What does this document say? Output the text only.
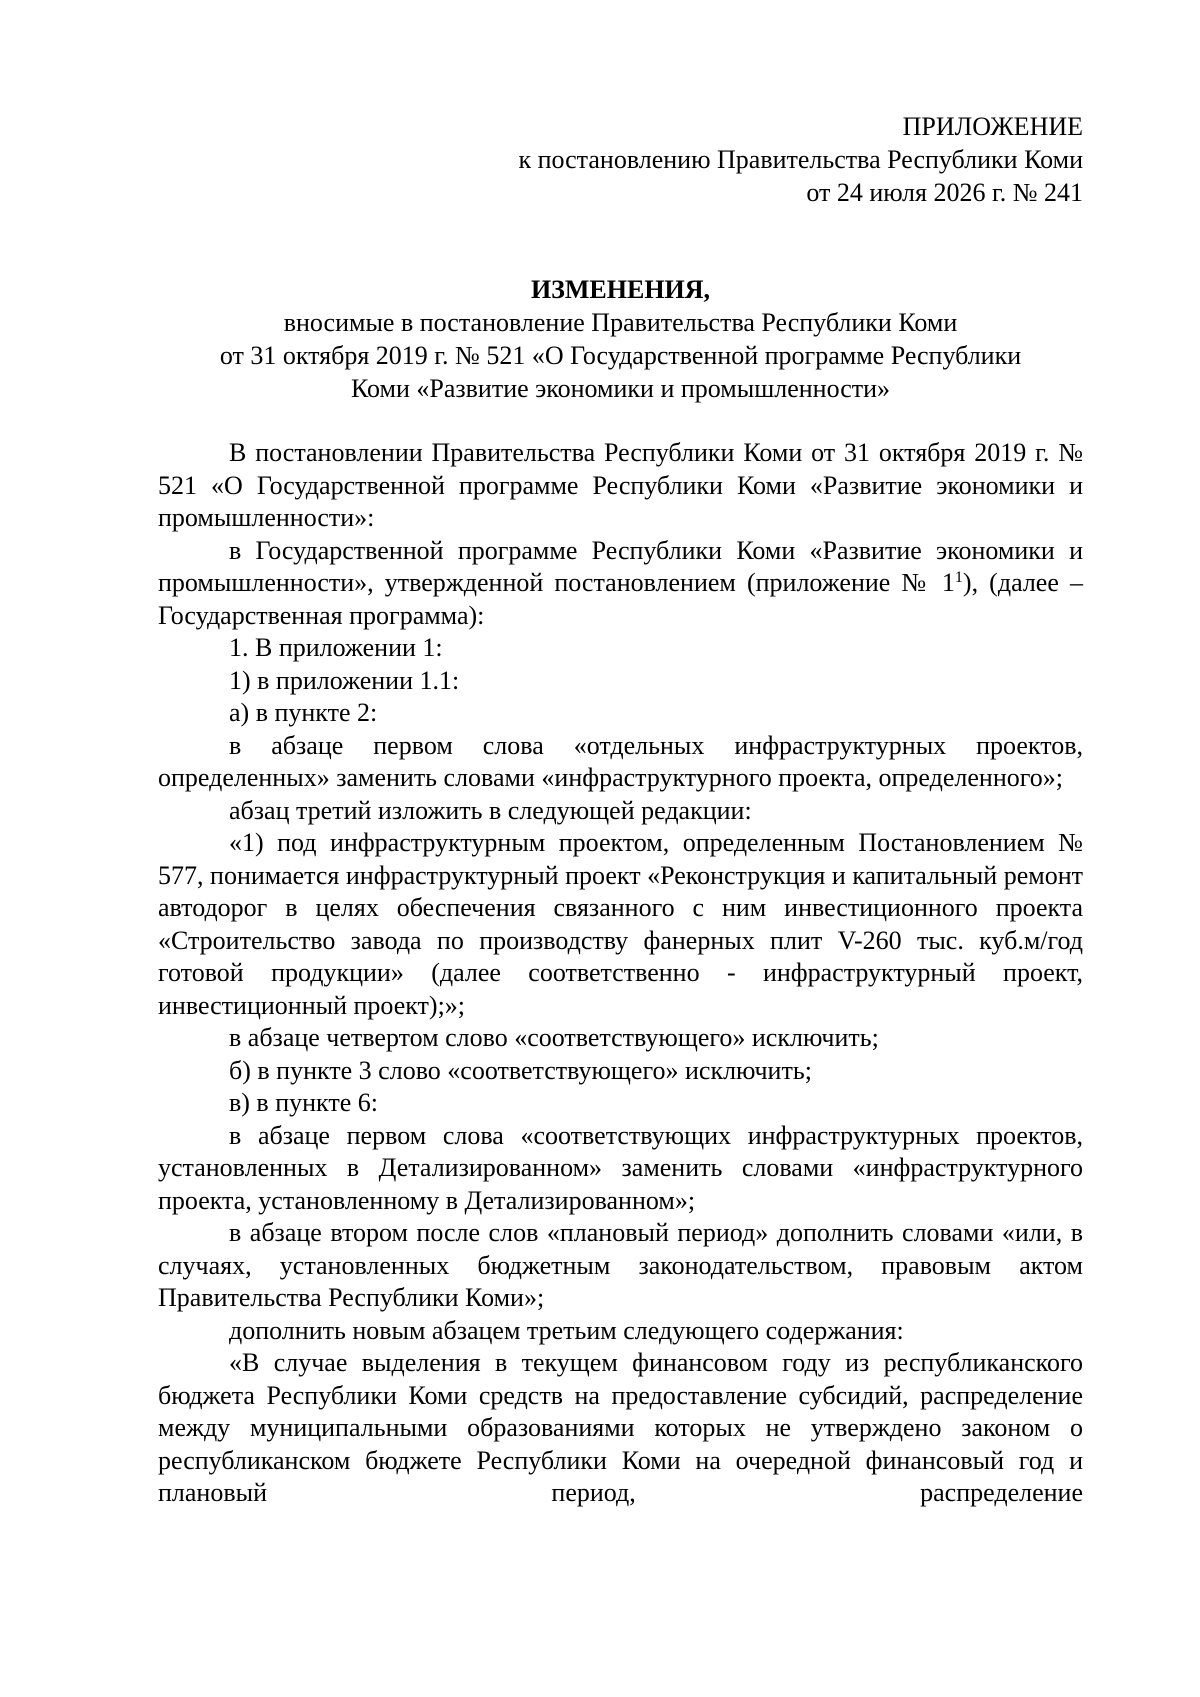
ПРИЛОЖЕНИЕ
к постановлению Правительства Республики Коми
от 24 июля 2026 г. № 241
ИЗМЕНЕНИЯ,
вносимые в постановление Правительства Республики Коми
от 31 октября 2019 г. № 521 «О Государственной программе Республики
Коми «Развитие экономики и промышленности»

В постановлении Правительства Республики Коми от 31 октября 2019 г. № 521 «О Государственной программе Республики Коми «Развитие экономики и промышленности»:

в Государственной программе Республики Коми «Развитие экономики и промышленности», утвержденной постановлением (приложение № $1^1$), (далее – Государственная программа):

1. В приложении 1:

1) в приложении 1.1:

а) в пункте 2:

в абзаце первом слова «отдельных инфраструктурных проектов, определенных» заменить словами «инфраструктурного проекта, определенного»;

абзац третий изложить в следующей редакции:

«1) под инфраструктурным проектом, определенным Постановлением № 577, понимается инфраструктурный проект «Реконструкция и капитальный ремонт автодорог в целях обеспечения связанного с ним инвестиционного проекта «Строительство завода по производству фанерных плит V-260 тыс. куб.м/год готовой продукции» (далее соответственно - инфраструктурный проект, инвестиционный проект);»;

в абзаце четвертом слово «соответствующего» исключить;

б) в пункте 3 слово «соответствующего» исключить;

в) в пункте 6:

в абзаце первом слова «соответствующих инфраструктурных проектов, установленных в Детализированном» заменить словами «инфраструктурного проекта, установленному в Детализированном»;

в абзаце втором после слов «плановый период» дополнить словами «или, в случаях, установленных бюджетным законодательством, правовым актом Правительства Республики Коми»;

дополнить новым абзацем третьим следующего содержания:

«В случае выделения в текущем финансовом году из республиканского бюджета Республики Коми средств на предоставление субсидий, распределение между муниципальными образованиями которых не утверждено законом о республиканском бюджете Республики Коми на очередной финансовый год и плановый период, распределение
